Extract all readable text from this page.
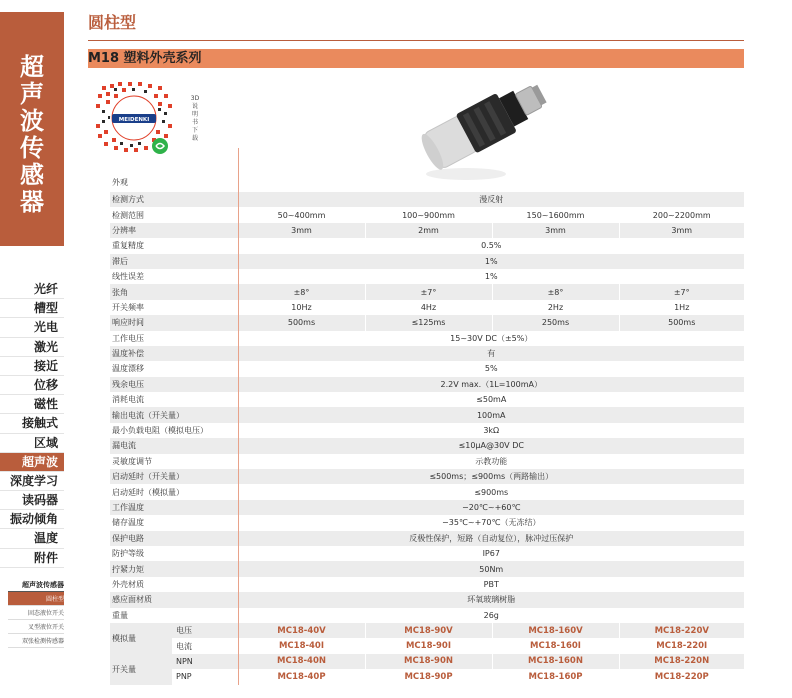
超
声
波
传
感
器
光纤
槽型
光电
激光
接近
位移
磁性
接触式
区域
超声波
深度学习
读码器
振动倾角
温度
附件
超声波传感器
圆柱型
固态液位开关
叉型液位开关
双张检测传感器
圆柱型
M18 塑料外壳系列
MEIDENKI
3D说明书下载
外观					
检测方式		漫反射			
检测范围		50~400mm	100~900mm	150~1600mm	200~2200mm
分辨率		3mm	2mm	3mm	3mm
重复精度		0.5%			
滞后		1%			
线性误差		1%			
张角		±8°	±7°	±8°	±7°
开关频率		10Hz	4Hz	2Hz	1Hz
响应时间		500ms	≤125ms	250ms	500ms
工作电压		15~30V DC（±5%）			
温度补偿		有			
温度漂移		5%			
残余电压		2.2V max.（1L=100mA）			
消耗电流		≤50mA			
输出电流（开关量）		100mA			
最小负载电阻（模拟电压）		3kΩ			
漏电流		≤10μA@30V DC			
灵敏度调节		示教功能			
启动延时（开关量）		≤500ms；≤900ms（两路输出）			
启动延时（模拟量）		≤900ms			
工作温度		−20℃~+60℃			
储存温度		−35℃~+70℃（无冻结）			
保护电路		反极性保护，短路（自动复位），脉冲过压保护			
防护等级		IP67			
拧紧力矩		50Nm			
外壳材质		PBT			
感应面材质		环氧玻璃树脂			
重量		26g			
模拟量	电压	MC18-40V	MC18-90V	MC18-160V	MC18-220V
	电流	MC18-40I	MC18-90I	MC18-160I	MC18-220I
开关量	NPN	MC18-40N	MC18-90N	MC18-160N	MC18-220N
	PNP	MC18-40P	MC18-90P	MC18-160P	MC18-220P
